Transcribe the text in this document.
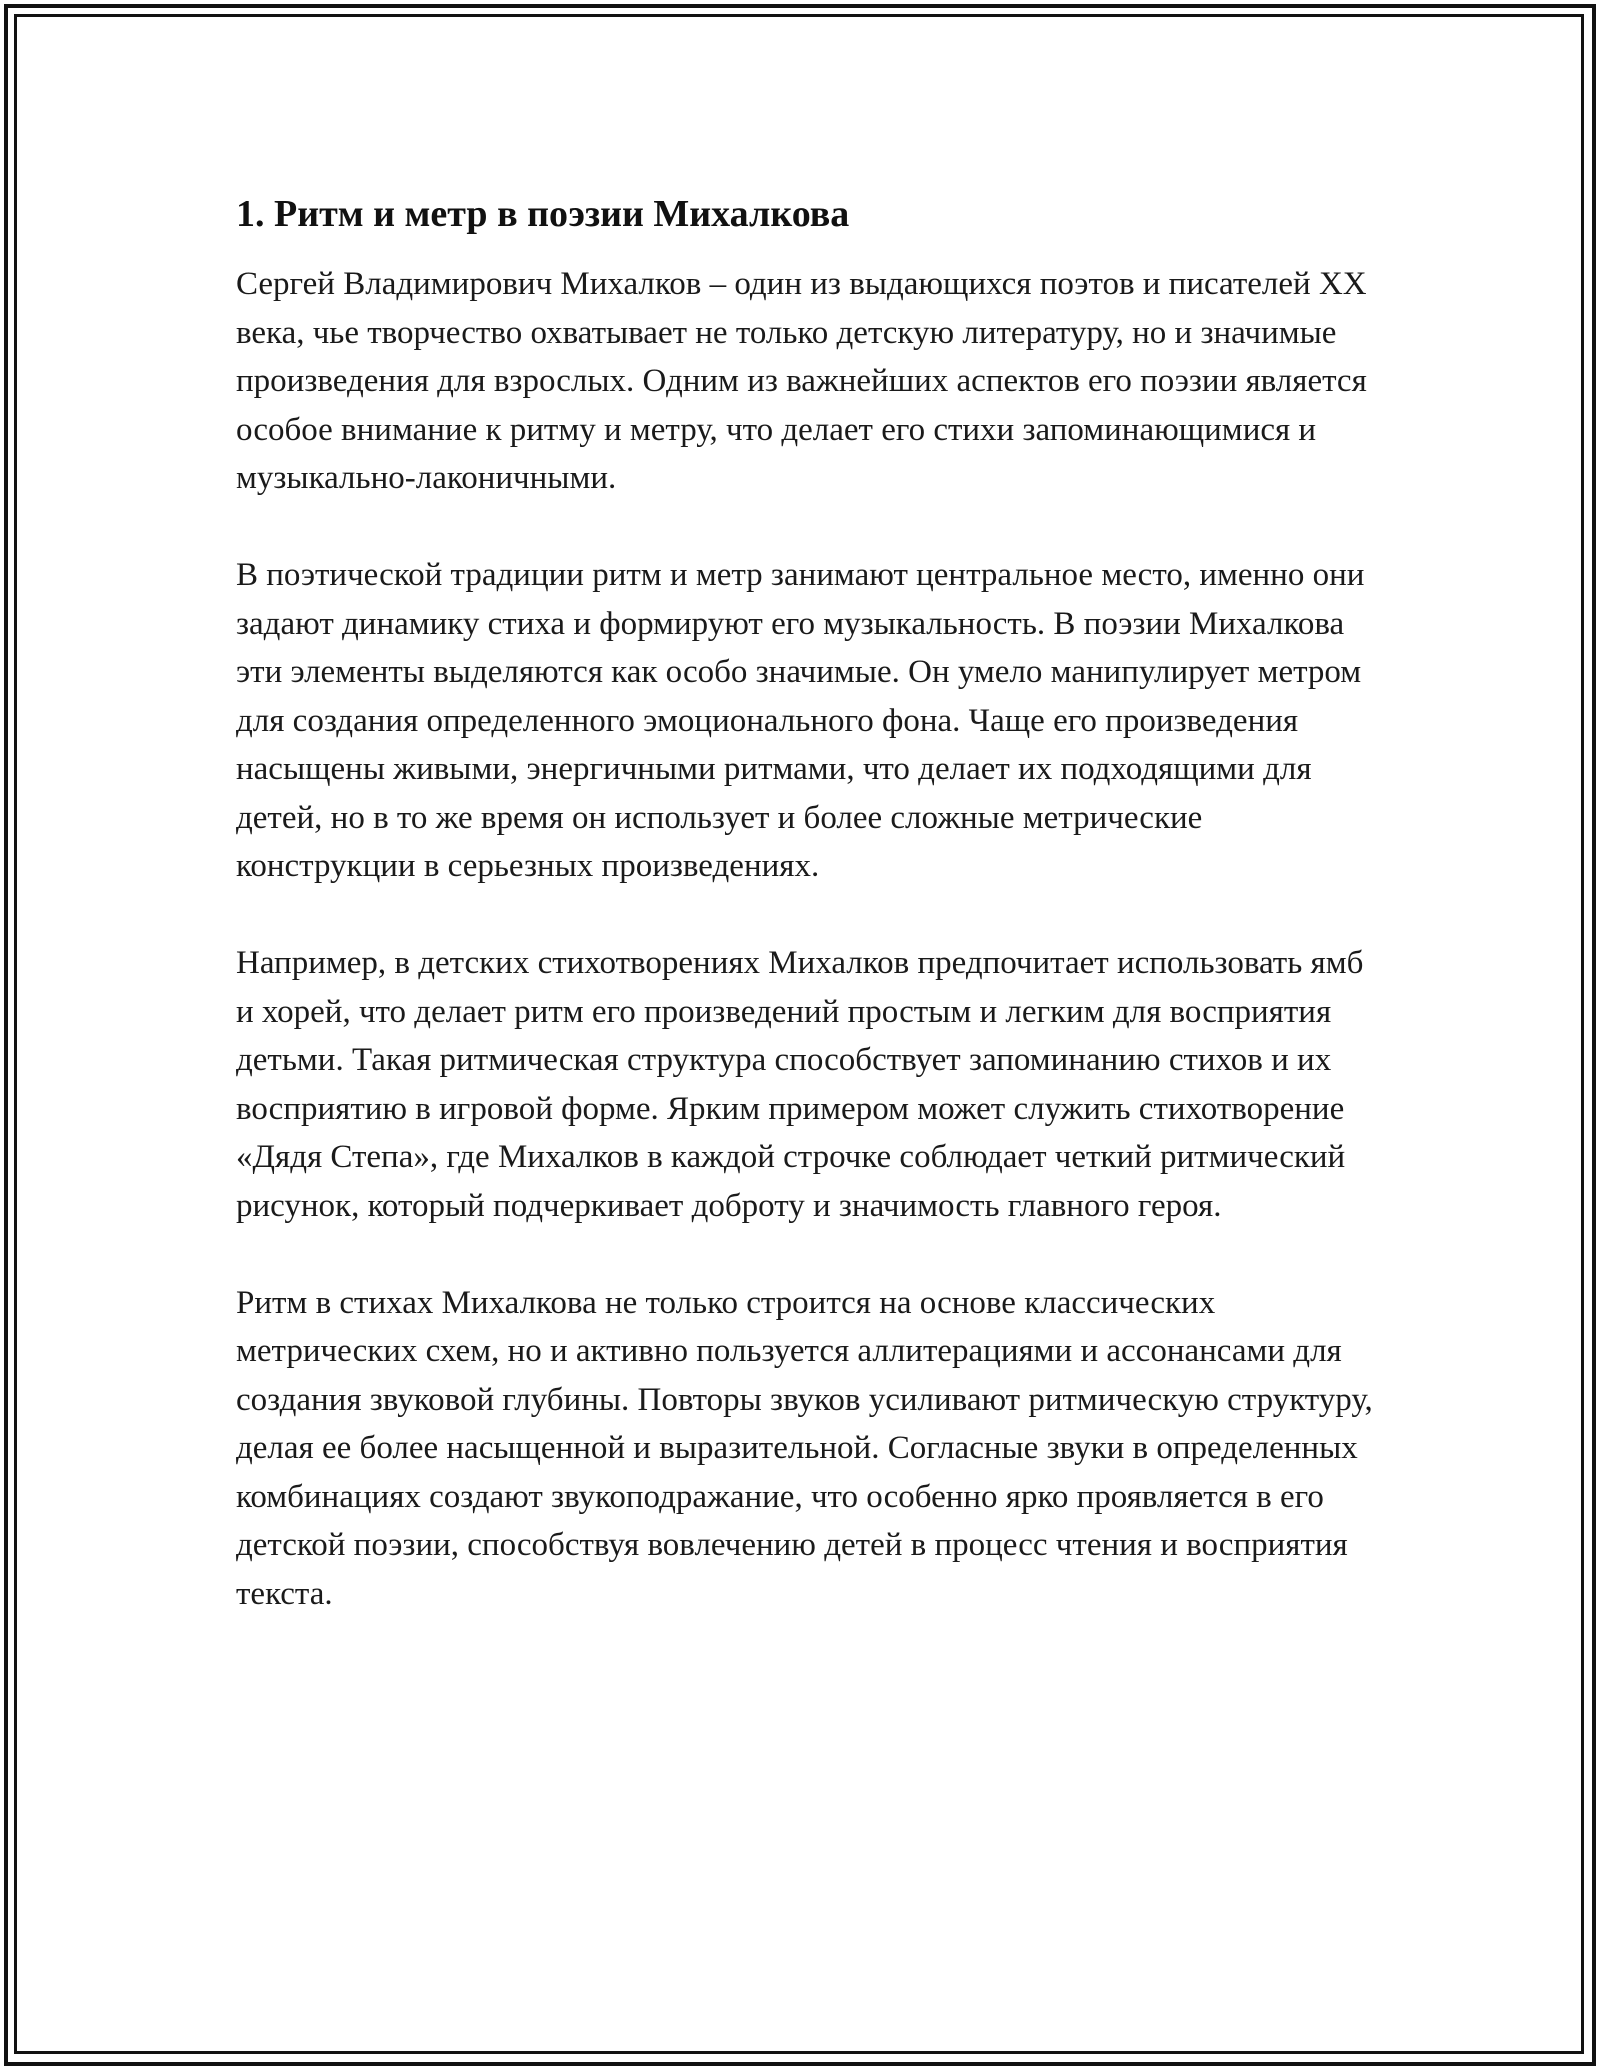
1. Ритм и метр в поэзии Михалкова

Сергей Владимирович Михалков – один из выдающихся поэтов и писателей XX века, чье творчество охватывает не только детскую литературу, но и значимые произведения для взрослых. Одним из важнейших аспектов его поэзии является особое внимание к ритму и метру, что делает его стихи запоминающимися и музыкально-лаконичными.

В поэтической традиции ритм и метр занимают центральное место, именно они задают динамику стиха и формируют его музыкальность. В поэзии Михалкова эти элементы выделяются как особо значимые. Он умело манипулирует метром для создания определенного эмоционального фона. Чаще его произведения насыщены живыми, энергичными ритмами, что делает их подходящими для детей, но в то же время он использует и более сложные метрические конструкции в серьезных произведениях.

Например, в детских стихотворениях Михалков предпочитает использовать ямб и хорей, что делает ритм его произведений простым и легким для восприятия детьми. Такая ритмическая структура способствует запоминанию стихов и их восприятию в игровой форме. Ярким примером может служить стихотворение «Дядя Степа», где Михалков в каждой строчке соблюдает четкий ритмический рисунок, который подчеркивает доброту и значимость главного героя.

Ритм в стихах Михалкова не только строится на основе классических метрических схем, но и активно пользуется аллитерациями и ассонансами для создания звуковой глубины. Повторы звуков усиливают ритмическую структуру, делая ее более насыщенной и выразительной. Согласные звуки в определенных комбинациях создают звукоподражание, что особенно ярко проявляется в его детской поэзии, способствуя вовлечению детей в процесс чтения и восприятия текста.
